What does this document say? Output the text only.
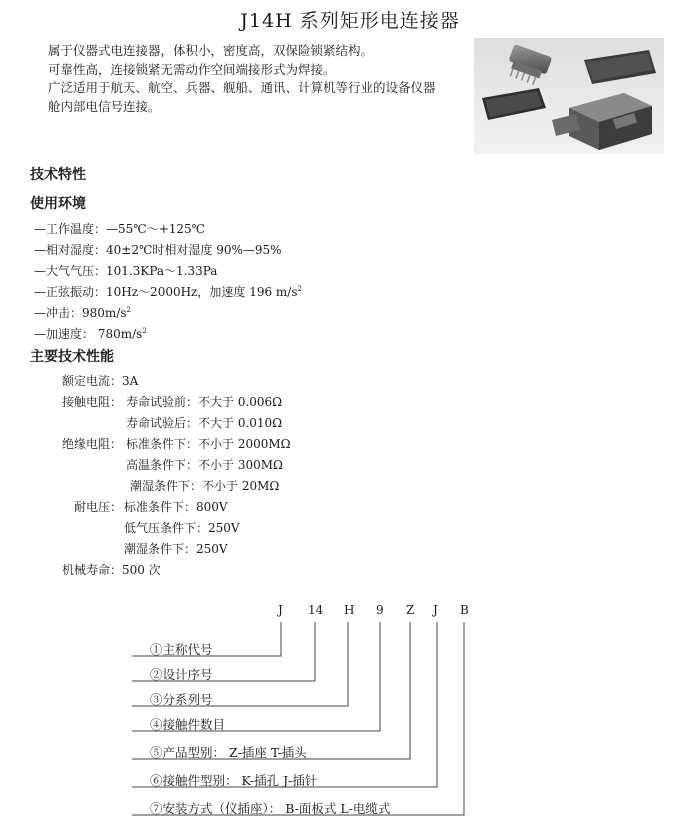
J14H 系列矩形电连接器
属于仪器式电连接器，体积小，密度高，双保险锁紧结构。
可靠性高，连接锁紧无需动作空间端接形式为焊接。
广泛适用于航天、航空、兵器、舰船、通讯、计算机等行业的设备仪器
舱内部电信号连接。
技术特性
使用环境
—工作温度：—55℃～+125℃
—相对湿度：40±2℃时相对湿度 90%—95%
—大气气压：101.3KPa～1.33Pa
—正弦振动：10Hz～2000Hz，加速度 196 $m/s^2$
—冲击：$980m/s^2$
—加速度： $780m/s^2$
主要技术性能
额定电流：3A
接触电阻： 寿命试验前：不大于 0.006Ω
寿命试验后：不大于 0.010Ω
绝缘电阻： 标准条件下：不小于 2000MΩ
高温条件下：不小于 300MΩ
潮湿条件下：不小于 20MΩ
耐电压： 标准条件下：800V
低气压条件下：250V
潮湿条件下：250V
机械寿命：500 次
J 14 H 9 Z J B
①主称代号
②设计序号
③分系列号
④接触件数目
⑤产品型别： Z-插座 T-插头
⑥接触件型别： K-插孔 J-插针
⑦安装方式（仪插座）： B-面板式 L-电缆式
